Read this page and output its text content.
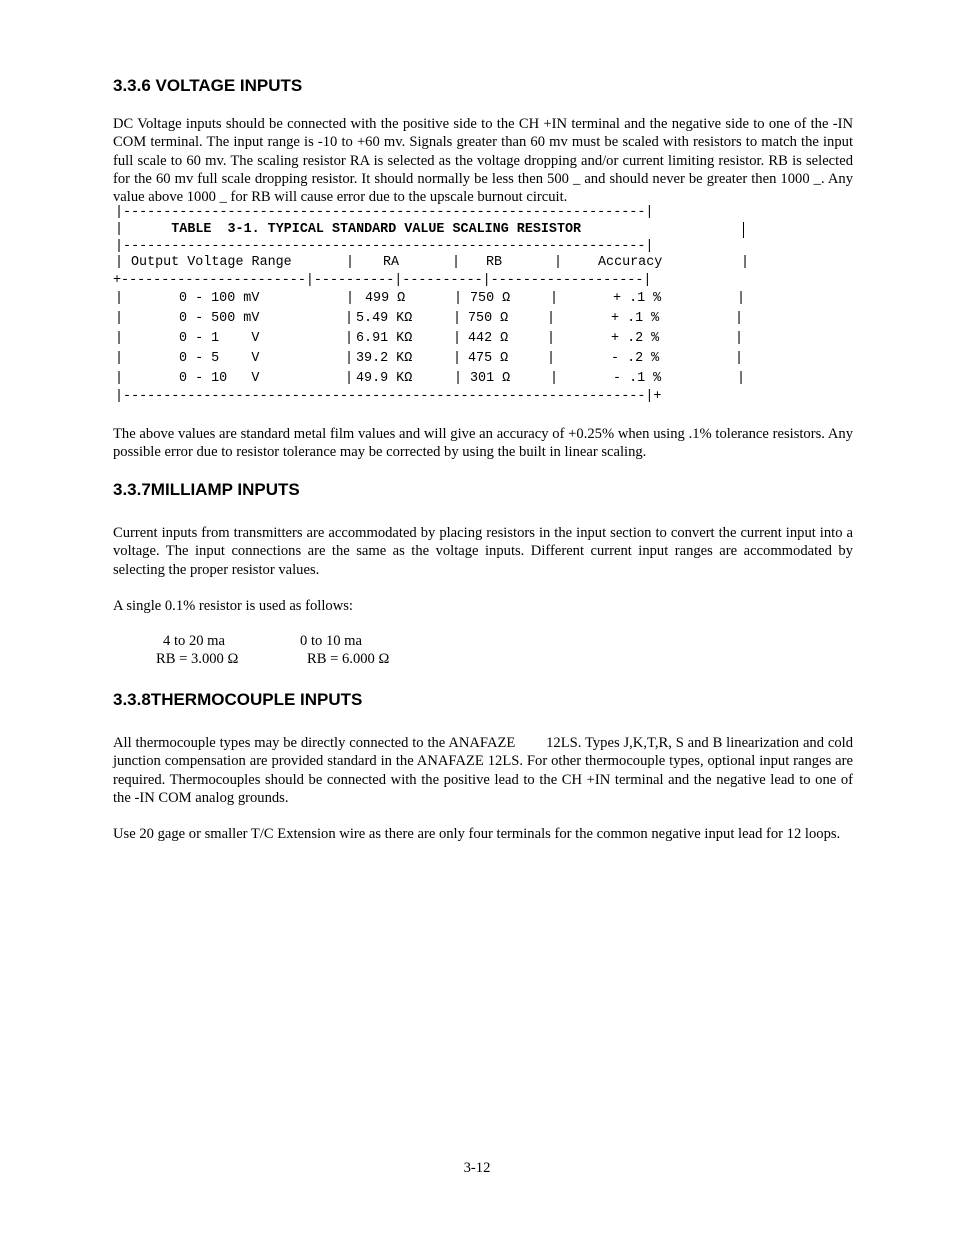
3.3.6 VOLTAGE INPUTS

DC Voltage inputs should be connected with the positive side to the CH +IN terminal and the negative side to one of the -IN COM terminal. The input range is -10 to +60 mv. Signals greater than 60 mv must be scaled with resistors to match the input full scale to 60 mv. The scaling resistor RA is selected as the voltage dropping and/or current limiting resistor. RB is selected for the 60 mv full scale dropping resistor. It should normally be less then 500 _ and should never be greater then 1000 _. Any value above 1000 _ for RB will cause error due to the upscale burnout circuit.

|-----------------------------------------------------------------|
|      TABLE  3-1. TYPICAL STANDARD VALUE SCALING RESISTOR
|-----------------------------------------------------------------|
| Output Voltage Range	| RA	| RB	|	Accuracy	|
+-----------------------|----------|----------|-------------------|
|	0 - 100 mV	| 499 Ω	| 750 Ω	|	+ .1 %	|
|	0 - 500 mV	| 5.49 KΩ	| 750 Ω	|	+ .1 %	|
|	0 - 1    V	| 6.91 KΩ	| 442 Ω	|	+ .2 %	|
|	0 - 5    V	| 39.2 KΩ	| 475 Ω	|	- .2 %	|
|	0 - 10   V	| 49.9 KΩ	| 301 Ω	|	- .1 %	|
|-----------------------------------------------------------------|+

The above values are standard metal film values and will give an accuracy of +0.25% when using .1% tolerance resistors. Any possible error due to resistor tolerance may be corrected by using the built in linear scaling.

3.3.7MILLIAMP INPUTS

Current inputs from transmitters are accommodated by placing resistors in the input section to convert the current input into a voltage. The input connections are the same as the voltage inputs. Different current input ranges are accommodated by selecting the proper resistor values.

A single 0.1% resistor is used as follows:

4 to 20 ma
RB = 3.000 Ω
0 to 10 ma
RB = 6.000 Ω
3.3.8THERMOCOUPLE INPUTS

All thermocouple types may be directly connected to the ANAFAZE        12LS. Types J,K,T,R, S and B linearization and cold junction compensation are provided standard in the ANAFAZE 12LS. For other thermocouple types, optional input ranges are required. Thermocouples should be connected with the positive lead to the CH +IN terminal and the negative lead to one of the -IN COM analog grounds.

Use 20 gage or smaller T/C Extension wire as there are only four terminals for the common negative input lead for 12 loops.

3-12
